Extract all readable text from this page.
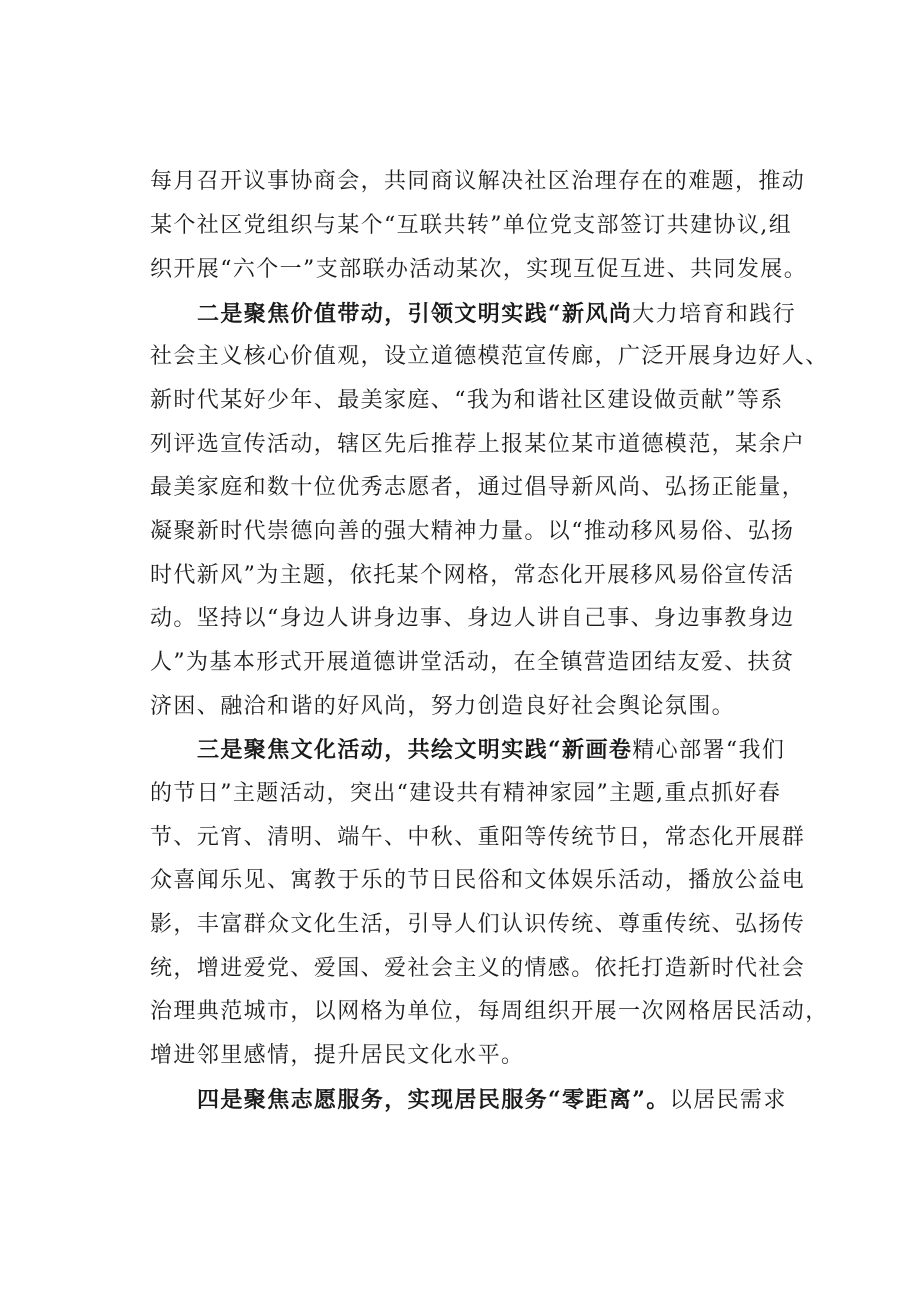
每月召开议事协商会，共同商议解决社区治理存在的难题，推动
某个社区党组织与某个“互联共转”单位党支部签订共建协议,组
织开展“六个一”支部联办活动某次，实现互促互进、共同发展。
二是聚焦价值带动，引领文明实践“新风尚大力培育和践行
社会主义核心价值观，设立道德模范宣传廊，广泛开展身边好人、
新时代某好少年、最美家庭、“我为和谐社区建设做贡献”等系
列评选宣传活动，辖区先后推荐上报某位某市道德模范，某余户
最美家庭和数十位优秀志愿者，通过倡导新风尚、弘扬正能量，
凝聚新时代崇德向善的强大精神力量。以“推动移风易俗、弘扬
时代新风”为主题，依托某个网格，常态化开展移风易俗宣传活
动。坚持以“身边人讲身边事、身边人讲自己事、身边事教身边
人”为基本形式开展道德讲堂活动，在全镇营造团结友爱、扶贫
济困、融洽和谐的好风尚，努力创造良好社会舆论氛围。
三是聚焦文化活动，共绘文明实践“新画卷精心部署“我们
的节日”主题活动，突出“建设共有精神家园”主题,重点抓好春
节、元宵、清明、端午、中秋、重阳等传统节日，常态化开展群
众喜闻乐见、寓教于乐的节日民俗和文体娱乐活动，播放公益电
影，丰富群众文化生活，引导人们认识传统、尊重传统、弘扬传
统，增进爱党、爱国、爱社会主义的情感。依托打造新时代社会
治理典范城市，以网格为单位，每周组织开展一次网格居民活动，
增进邻里感情，提升居民文化水平。
四是聚焦志愿服务，实现居民服务“零距离”。以居民需求
